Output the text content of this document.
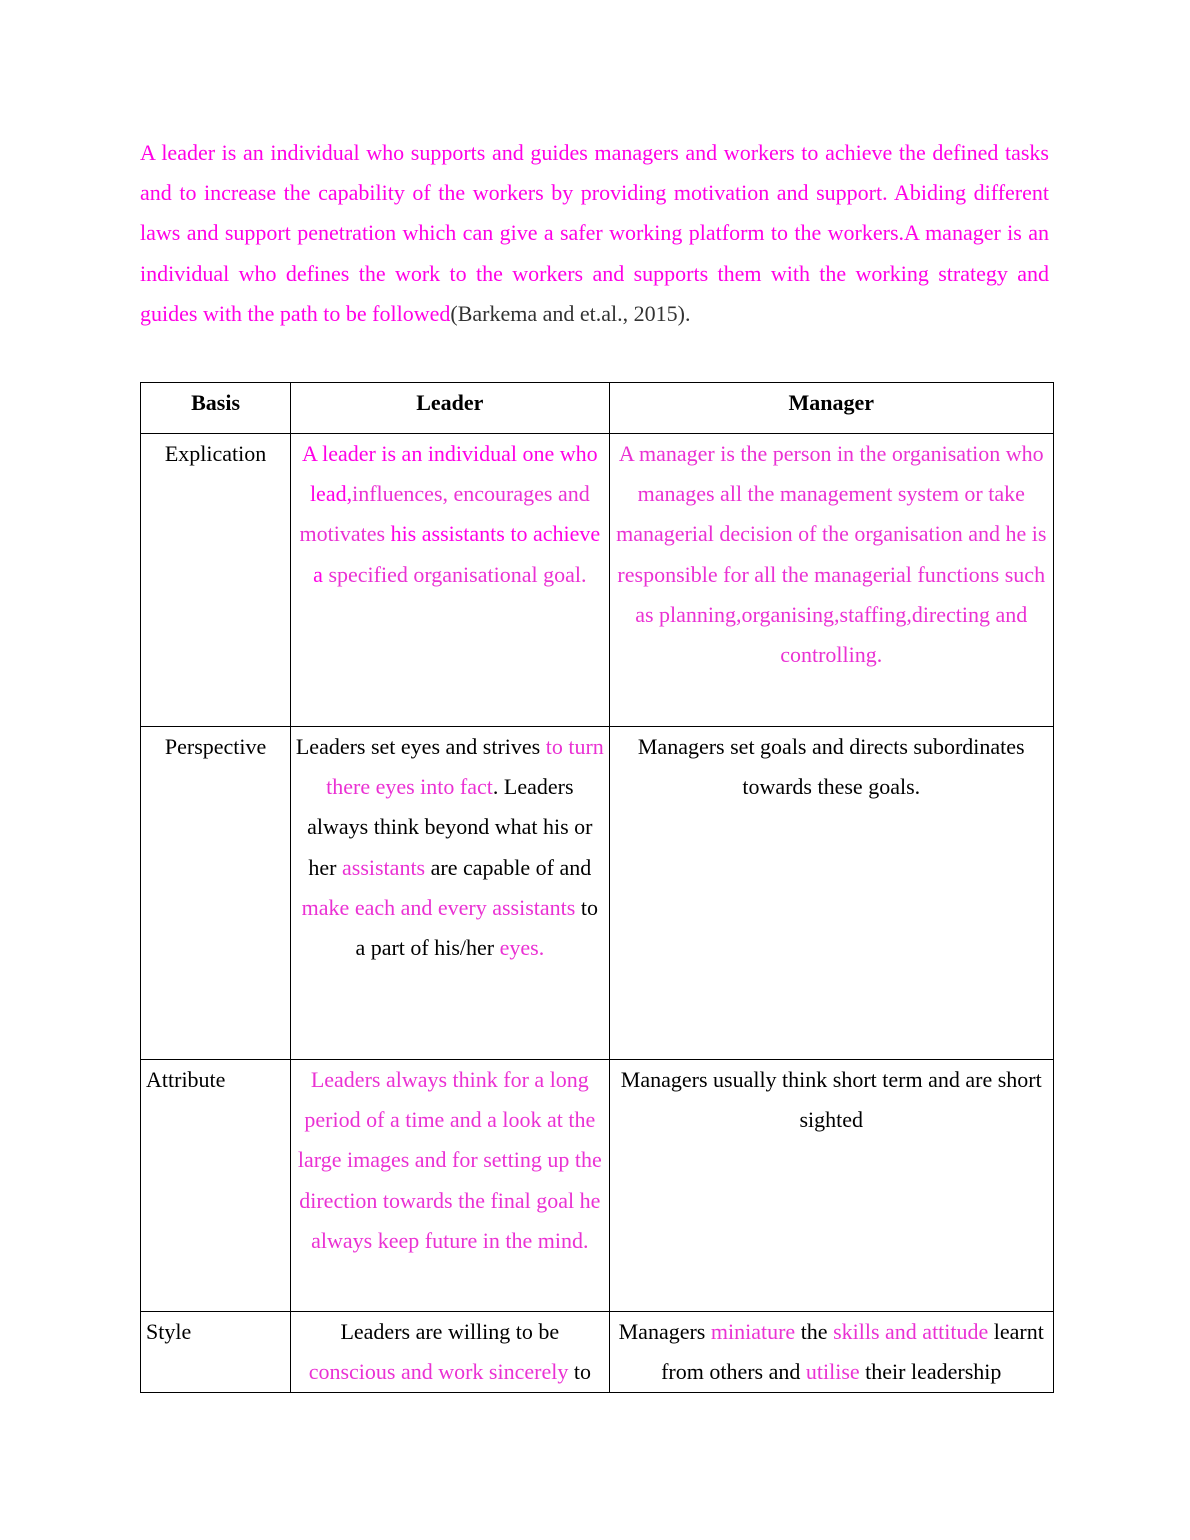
A leader is an individual who supports and guides managers and workers to achieve the defined tasks and to increase the capability of the workers by providing motivation and support. Abiding different laws and support penetration which can give a safer working platform to the workers.A manager is an individual who defines the work to the workers and supports them with the working strategy and guides with the path to be followed(Barkema and et.al., 2015).

Basis	Leader	Manager

Explication	A leader is an individual one who lead,influences, encourages and motivates his assistants to achieve a specified organisational goal.	A manager is the person in the organisation who manages all the management system or take managerial decision of the organisation and he is responsible for all the managerial functions such as planning,organising,staffing,directing and controlling.

Perspective	Leaders set eyes and strives to turn there eyes into fact. Leaders always think beyond what his or her assistants are capable of and make each and every assistants to a part of his/her eyes.	Managers set goals and directs subordinates towards these goals.

Attribute	Leaders always think for a long period of a time and a look at the large images and for setting up the direction towards the final goal he always keep future in the mind.	Managers usually think short term and are short sighted

Style	Leaders are willing to be conscious and work sincerely to	Managers miniature the skills and attitude learnt from others and utilise their leadership
